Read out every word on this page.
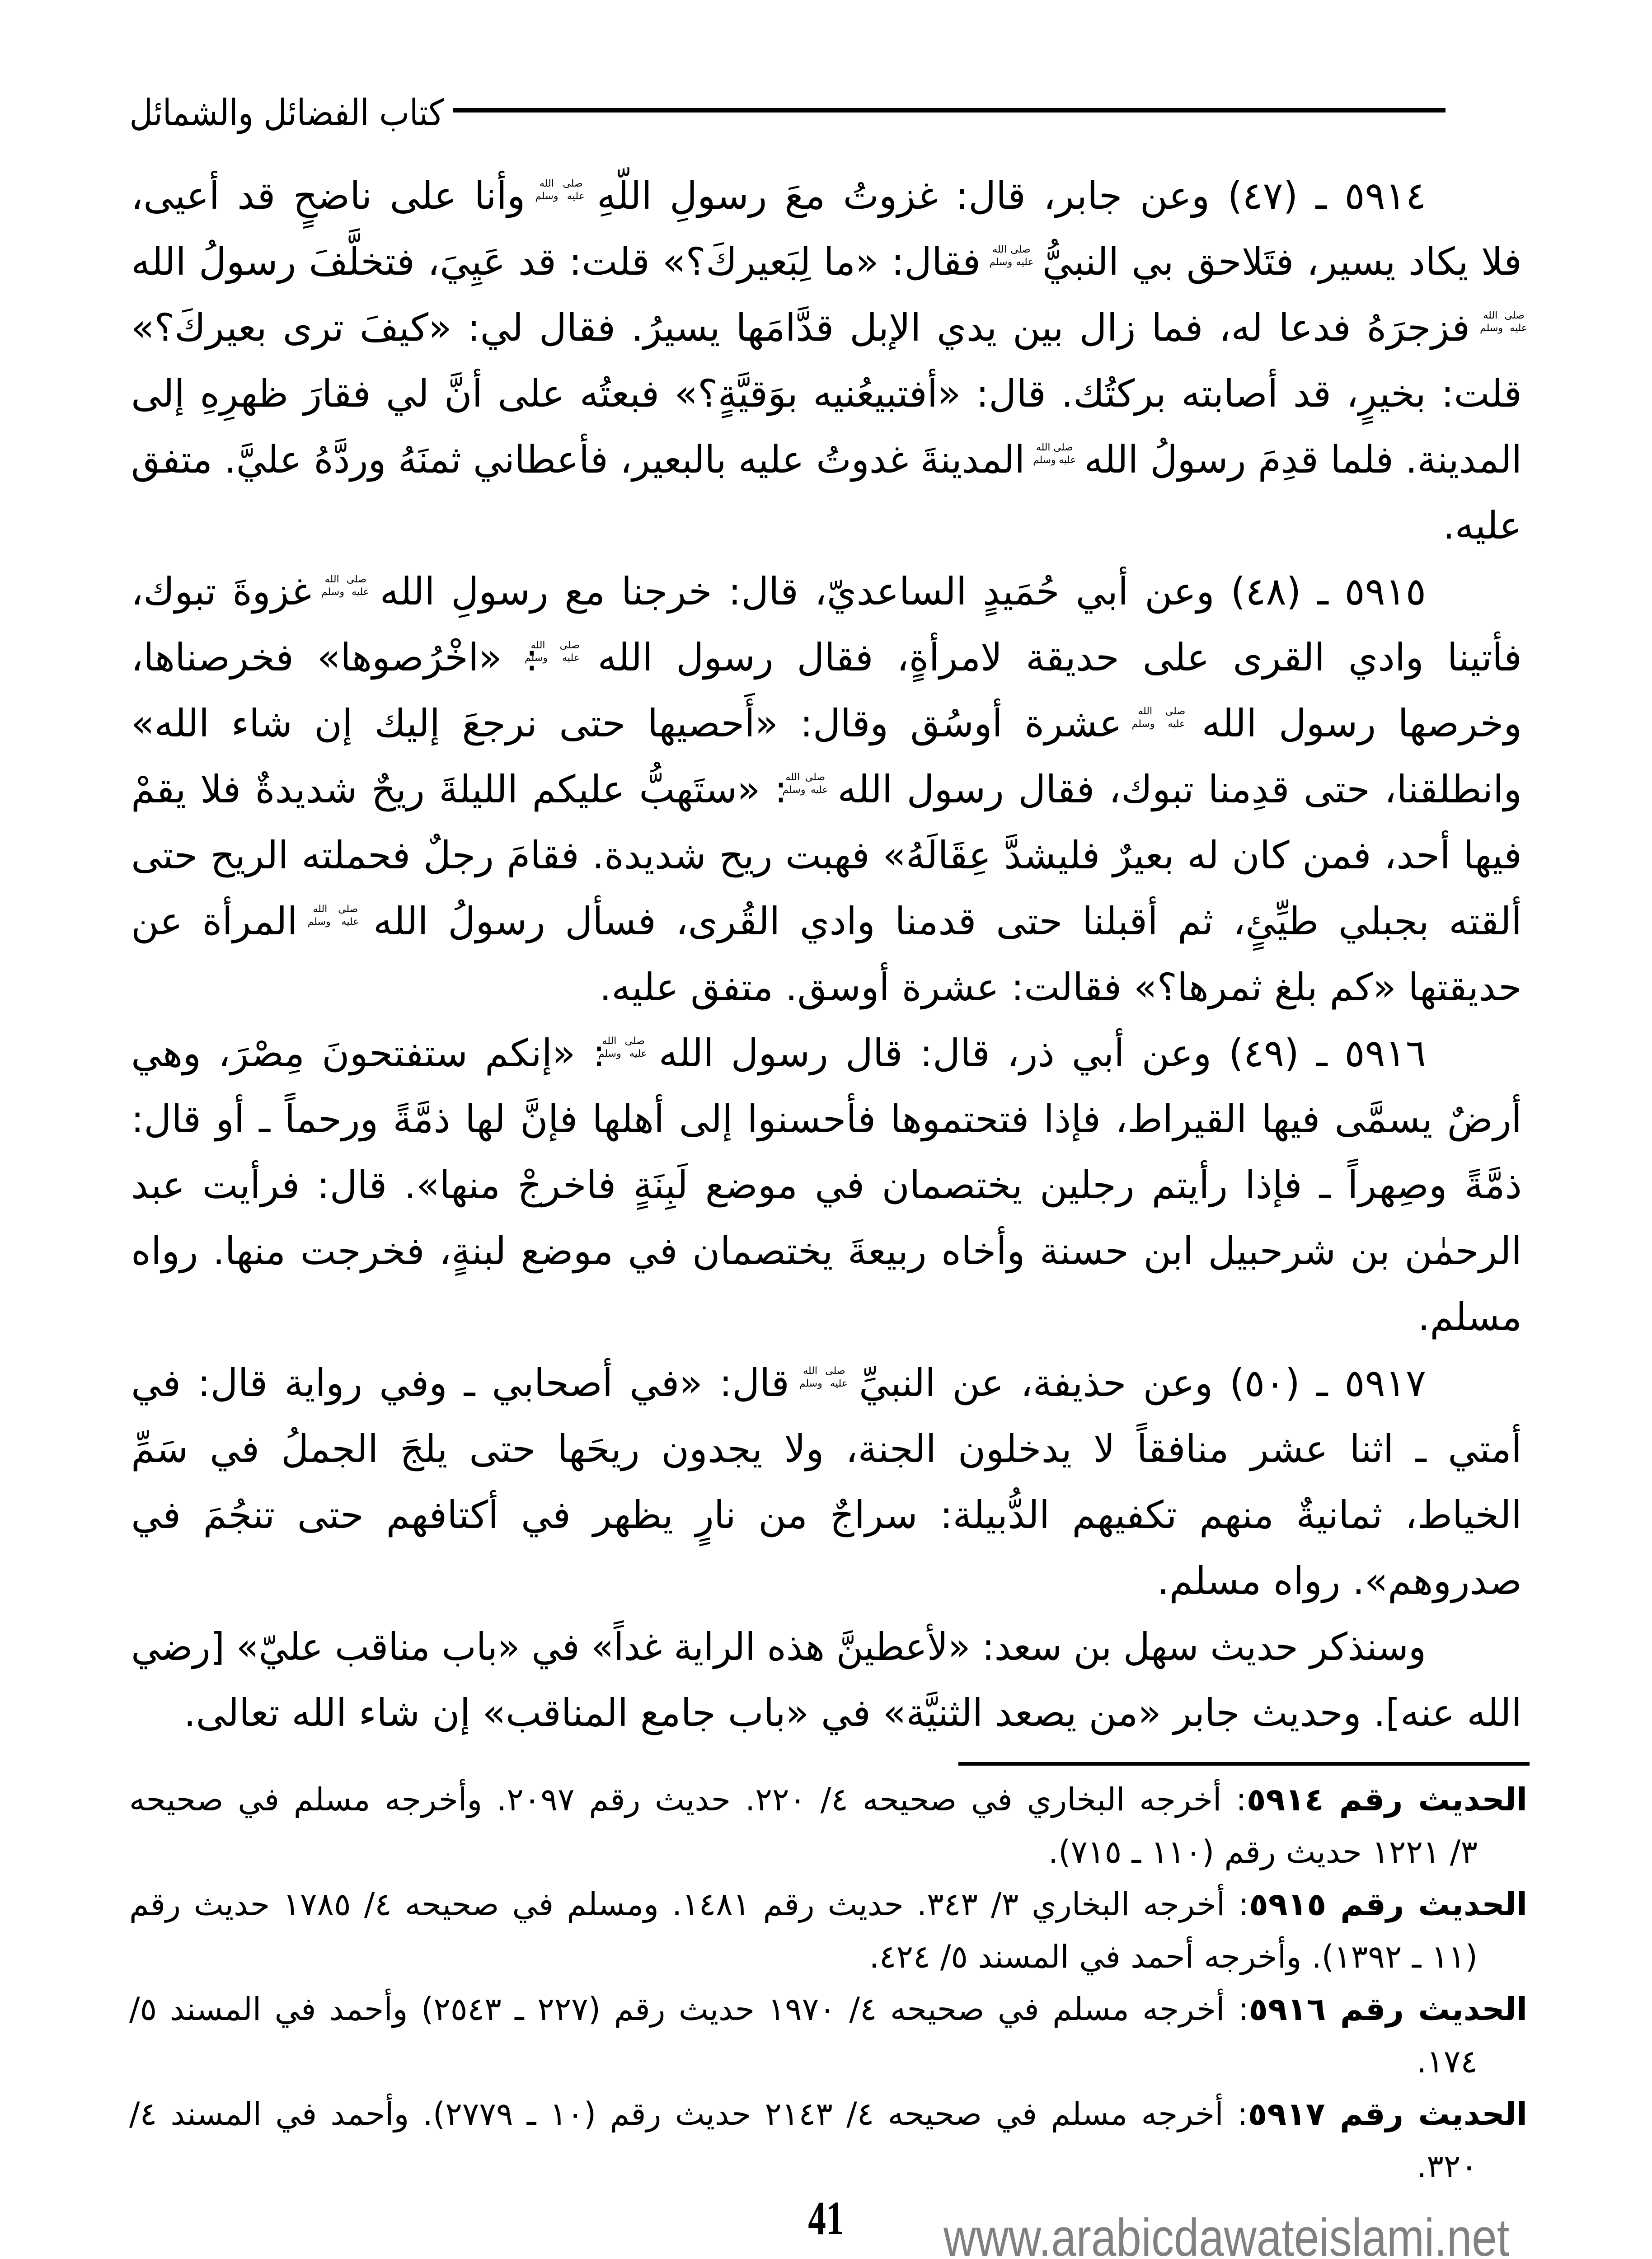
كتاب الفضائل والشمائل
٥٩١٤ ـ (٤٧) وعن جابر، قال: غزوتُ معَ رسولِ اللّهِ  وأنا على ناضحٍ قد أعيى،
فلا يكاد يسير، فتَلاحق بي النبيُّ  فقال: «ما لِبَعيركَ؟» قلت: قد عَيِيَ، فتخلَّفَ رسولُ الله
فزجرَهُ فدعا له، فما زال بين يدي الإبل قدَّامَها يسيرُ. فقال لي: «كيفَ ترى بعيركَ؟»
قلت: بخيرٍ، قد أصابته بركتُك. قال: «أفتبيعُنيه بوَقيَّةٍ؟» فبعتُه على أنَّ لي فقارَ ظهرِهِ إلى
المدينة. فلما قدِمَ رسولُ الله  المدينةَ غدوتُ عليه بالبعير، فأعطاني ثمنَهُ وردَّهُ عليَّ. متفق
عليه.
٥٩١٥ ـ (٤٨) وعن أبي حُمَيدٍ الساعديّ، قال: خرجنا مع رسولِ الله  غزوةَ تبوك،
فأتينا وادي القرى على حديقة لامرأةٍ، فقال رسول الله : «اخْرُصوها» فخرصناها،
وخرصها رسول الله  عشرة أوسُق وقال: «أَحصيها حتى نرجعَ إليك إن شاء الله»
وانطلقنا، حتى قدِمنا تبوك، فقال رسول الله : «ستَهبُّ عليكم الليلةَ ريحٌ شديدةٌ فلا يقمْ
فيها أحد، فمن كان له بعيرٌ فليشدَّ عِقَالَهُ» فهبت ريح شديدة. فقامَ رجلٌ فحملته الريح حتى
ألقته بجبلي طيِّئٍ، ثم أقبلنا حتى قدمنا وادي القُرى، فسأل رسولُ الله  المرأة عن
حديقتها «كم بلغ ثمرها؟» فقالت: عشرة أوسق. متفق عليه.
٥٩١٦ ـ (٤٩) وعن أبي ذر، قال: قال رسول الله : «إنكم ستفتحونَ مِصْرَ، وهي
أرضٌ يسمَّى فيها القيراط، فإذا فتحتموها فأحسنوا إلى أهلها فإنَّ لها ذمَّةً ورحماً ـ أو قال:
ذمَّةً وصِهراً ـ فإذا رأيتم رجلين يختصمان في موضع لَبِنَةٍ فاخرجْ منها». قال: فرأيت عبد
الرحمٰن بن شرحبيل ابن حسنة وأخاه ربيعةَ يختصمان في موضع لبنةٍ، فخرجت منها. رواه
مسلم.
٥٩١٧ ـ (٥٠) وعن حذيفة، عن النبيِّ  قال: «في أصحابي ـ وفي رواية قال: في
أمتي ـ اثنا عشر منافقاً لا يدخلون الجنة، ولا يجدون ريحَها حتى يلجَ الجملُ في سَمِّ
الخياط، ثمانيةٌ منهم تكفيهم الدُّبيلة: سراجٌ من نارٍ يظهر في أكتافهم حتى تنجُمَ في
صدروهم». رواه مسلم.
وسنذكر حديث سهل بن سعد: «لأعطينَّ هذه الراية غداً» في «باب مناقب عليّ» [رضي
الله عنه]. وحديث جابر «من يصعد الثنيَّة» في «باب جامع المناقب» إن شاء الله تعالى.
الحديث رقم ٥٩١٤: أخرجه البخاري في صحيحه ٤/ ٢٢٠. حديث رقم ٢٠٩٧. وأخرجه مسلم في صحيحه
٣/ ١٢٢١ حديث رقم (١١٠ ـ ٧١٥).
الحديث رقم ٥٩١٥: أخرجه البخاري ٣/ ٣٤٣. حديث رقم ١٤٨١. ومسلم في صحيحه ٤/ ١٧٨٥ حديث رقم
(١١ ـ ١٣٩٢). وأخرجه أحمد في المسند ٥/ ٤٢٤.
الحديث رقم ٥٩١٦: أخرجه مسلم في صحيحه ٤/ ١٩٧٠ حديث رقم (٢٢٧ ـ ٢٥٤٣) وأحمد في المسند ٥/
١٧٤.
الحديث رقم ٥٩١٧: أخرجه مسلم في صحيحه ٤/ ٢١٤٣ حديث رقم (١٠ ـ ٢٧٧٩). وأحمد في المسند ٤/
٣٢٠.
41	www.arabicdawateislami.net
